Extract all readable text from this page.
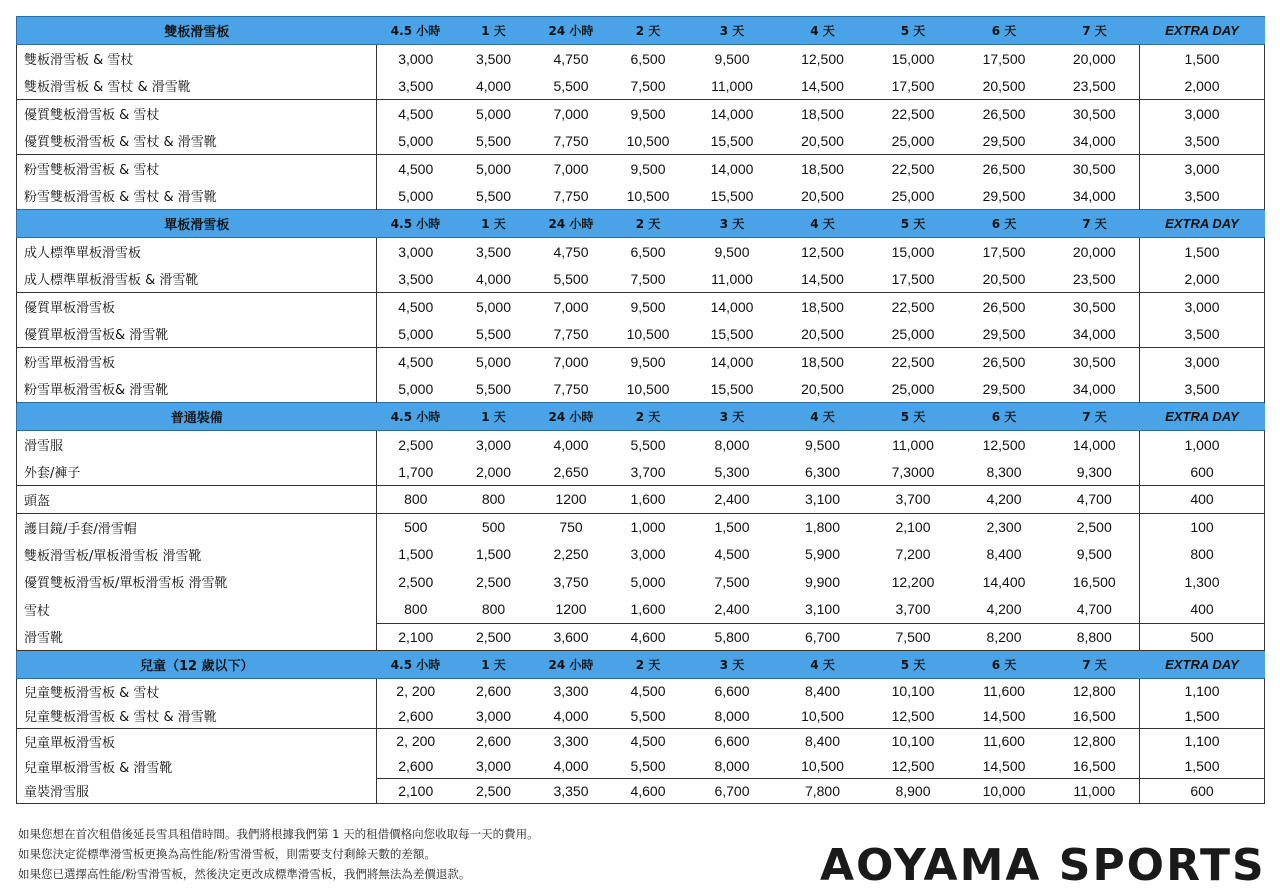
雙板滑雪板	4.5 小時	1 天	24 小時	2 天	3 天	4 天	5 天	6 天	7 天	EXTRA DAY
雙板滑雪板 & 雪杖	3,000	3,500	4,750	6,500	9,500	12,500	15,000	17,500	20,000	1,500
雙板滑雪板 & 雪杖 & 滑雪靴	3,500	4,000	5,500	7,500	11,000	14,500	17,500	20,500	23,500	2,000
優質雙板滑雪板 & 雪杖	4,500	5,000	7,000	9,500	14,000	18,500	22,500	26,500	30,500	3,000
優質雙板滑雪板 & 雪杖 & 滑雪靴	5,000	5,500	7,750	10,500	15,500	20,500	25,000	29,500	34,000	3,500
粉雪雙板滑雪板 & 雪杖	4,500	5,000	7,000	9,500	14,000	18,500	22,500	26,500	30,500	3,000
粉雪雙板滑雪板 & 雪杖 & 滑雪靴	5,000	5,500	7,750	10,500	15,500	20,500	25,000	29,500	34,000	3,500
單板滑雪板	4.5 小時	1 天	24 小時	2 天	3 天	4 天	5 天	6 天	7 天	EXTRA DAY
成人標準單板滑雪板	3,000	3,500	4,750	6,500	9,500	12,500	15,000	17,500	20,000	1,500
成人標準單板滑雪板 & 滑雪靴	3,500	4,000	5,500	7,500	11,000	14,500	17,500	20,500	23,500	2,000
優質單板滑雪板	4,500	5,000	7,000	9,500	14,000	18,500	22,500	26,500	30,500	3,000
優質單板滑雪板& 滑雪靴	5,000	5,500	7,750	10,500	15,500	20,500	25,000	29,500	34,000	3,500
粉雪單板滑雪板	4,500	5,000	7,000	9,500	14,000	18,500	22,500	26,500	30,500	3,000
粉雪單板滑雪板& 滑雪靴	5,000	5,500	7,750	10,500	15,500	20,500	25,000	29,500	34,000	3,500
普通裝備	4.5 小時	1 天	24 小時	2 天	3 天	4 天	5 天	6 天	7 天	EXTRA DAY
滑雪服	2,500	3,000	4,000	5,500	8,000	9,500	11,000	12,500	14,000	1,000
外套/褲子	1,700	2,000	2,650	3,700	5,300	6,300	7,3000	8,300	9,300	600
頭盔	800	800	1200	1,600	2,400	3,100	3,700	4,200	4,700	400
護目鏡/手套/滑雪帽	500	500	750	1,000	1,500	1,800	2,100	2,300	2,500	100
雙板滑雪板/單板滑雪板 滑雪靴	1,500	1,500	2,250	3,000	4,500	5,900	7,200	8,400	9,500	800
優質雙板滑雪板/單板滑雪板 滑雪靴	2,500	2,500	3,750	5,000	7,500	9,900	12,200	14,400	16,500	1,300
雪杖	800	800	1200	1,600	2,400	3,100	3,700	4,200	4,700	400
滑雪靴	2,100	2,500	3,600	4,600	5,800	6,700	7,500	8,200	8,800	500
兒童（12 歲以下）	4.5 小時	1 天	24 小時	2 天	3 天	4 天	5 天	6 天	7 天	EXTRA DAY
兒童雙板滑雪板 & 雪杖	2, 200	2,600	3,300	4,500	6,600	8,400	10,100	11,600	12,800	1,100
兒童雙板滑雪板 & 雪杖 & 滑雪靴	2,600	3,000	4,000	5,500	8,000	10,500	12,500	14,500	16,500	1,500
兒童單板滑雪板	2, 200	2,600	3,300	4,500	6,600	8,400	10,100	11,600	12,800	1,100
兒童單板滑雪板 & 滑雪靴	2,600	3,000	4,000	5,500	8,000	10,500	12,500	14,500	16,500	1,500
童裝滑雪服	2,100	2,500	3,350	4,600	6,700	7,800	8,900	10,000	11,000	600
如果您想在首次租借後延長雪具租借時間。我們將根據我們第 1 天的租借價格向您收取每一天的費用。
如果您決定從標準滑雪板更換為高性能/粉雪滑雪板，則需要支付剩餘天數的差額。
如果您已選擇高性能/粉雪滑雪板，然後決定更改成標準滑雪板，我們將無法為差價退款。	AOYAMA SPORTS
